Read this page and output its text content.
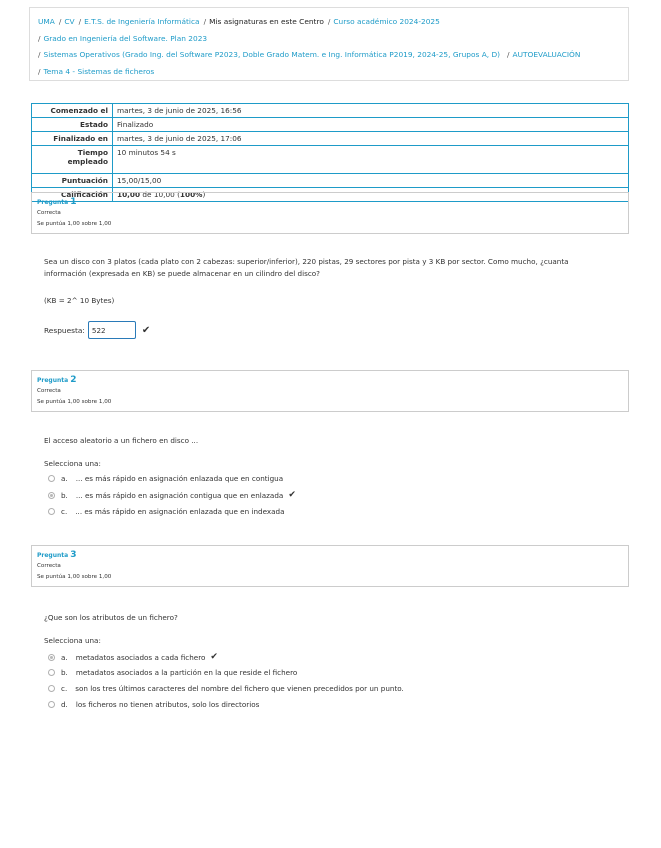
UMA / CV / E.T.S. de Ingeniería Informática / Mis asignaturas en este Centro / Curso académico 2024-2025
/ Grado en Ingeniería del Software. Plan 2023
/ Sistemas Operativos (Grado Ing. del Software P2023, Doble Grado Matem. e Ing. Informática P2019, 2024-25, Grupos A, D) / AUTOEVALUACIÓN
/ Tema 4 - Sistemas de ficheros
Comenzado el	martes, 3 de junio de 2025, 16:56
Estado	Finalizado
Finalizado en	martes, 3 de junio de 2025, 17:06
Tiempo empleado	10 minutos 54 s
Puntuación	15,00/15,00
Calificación	10,00 de 10,00 (100%)
Pregunta 1
Correcta
Se puntúa 1,00 sobre 1,00
Sea un disco con 3 platos (cada plato con 2 cabezas: superior/inferior), 220 pistas, 29 sectores por pista y 3 KB por sector. Como mucho, ¿cuanta información (expresada en KB) se puede almacenar en un cilindro del disco?
(KB = 2^ 10 Bytes)
Respuesta: 522	✔
Pregunta 2
Correcta
Se puntúa 1,00 sobre 1,00
El acceso aleatorio a un fichero en disco ...
Selecciona una:
a. ... es más rápido en asignación enlazada que en contigua
b. ... es más rápido en asignación contigua que en enlazada ✔
c. ... es más rápido en asignación enlazada que en indexada
Pregunta 3
Correcta
Se puntúa 1,00 sobre 1,00
¿Que son los atributos de un fichero?
Selecciona una:
a. metadatos asociados a cada fichero ✔
b. metadatos asociados a la partición en la que reside el fichero
c. son los tres últimos caracteres del nombre del fichero que vienen precedidos por un punto.
d. los ficheros no tienen atributos, solo los directorios
